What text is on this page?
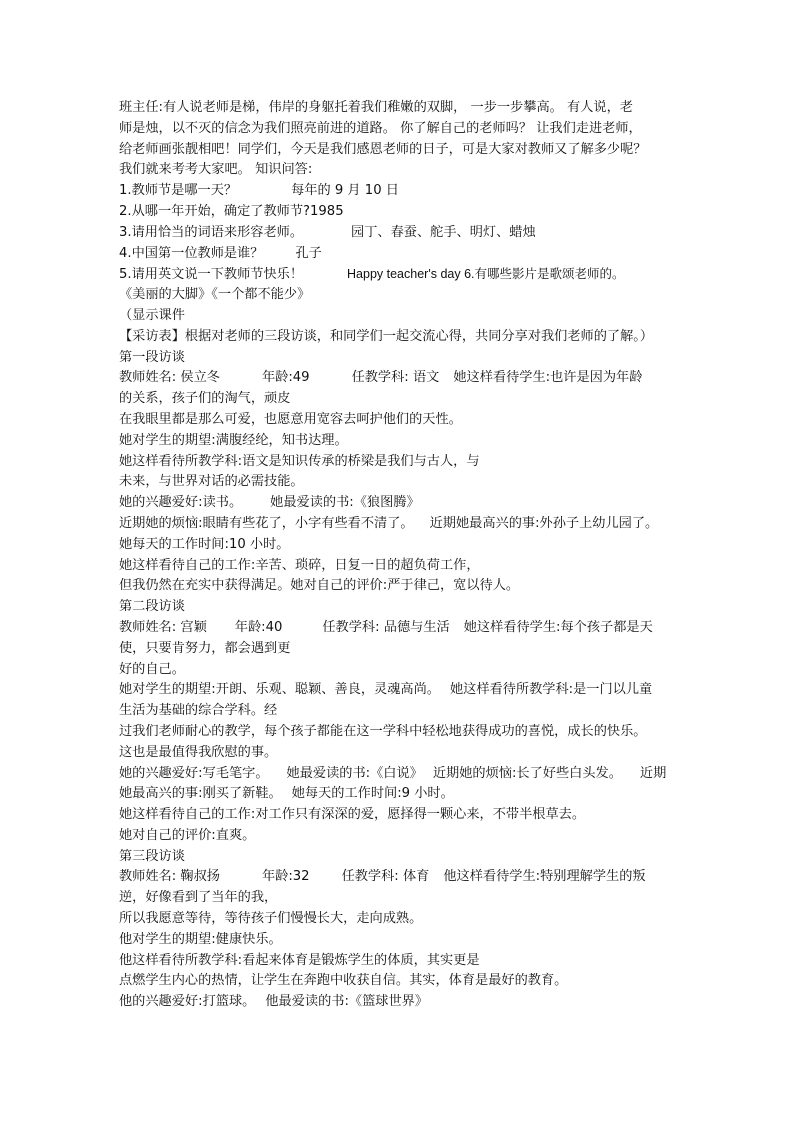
班主任:有人说老师是梯，伟岸的身躯托着我们稚嫩的双脚， 一步一步攀高。 有人说，老
师是烛，以不灭的信念为我们照亮前进的道路。 你了解自己的老师吗？ 让我们走进老师，
给老师画张靓相吧！同学们，今天是我们感恩老师的日子，可是大家对教师又了解多少呢？
我们就来考考大家吧。 知识问答:
1.教师节是哪一天？	每年的 9 月 10 日
2.从哪一年开始，确定了教师节?1985
3.请用恰当的词语来形容老师。	园丁、春蚕、舵手、明灯、蜡烛
4.中国第一位教师是谁？ 孔子
5.请用英文说一下教师节快乐！	Happy teacher's day 6.有哪些影片是歌颂老师的。
《美丽的大脚》《一个都不能少》
（显示课件
【采访表】根据对老师的三段访谈，和同学们一起交流心得，共同分享对我们老师的了解。）
第一段访谈
教师姓名: 侯立冬	年龄:49	任教学科: 语文 她这样看待学生:也许是因为年龄
的关系，孩子们的淘气，顽皮
在我眼里都是那么可爱，也愿意用宽容去呵护他们的天性。
她对学生的期望:满腹经纶，知书达理。
她这样看待所教学科:语文是知识传承的桥梁是我们与古人，与
未来，与世界对话的必需技能。
她的兴趣爱好:读书。 她最爱读的书:《狼图腾》
近期她的烦恼:眼睛有些花了，小字有些看不清了。 近期她最高兴的事:外孙子上幼儿园了。
她每天的工作时间:10 小时。
她这样看待自己的工作:辛苦、琐碎，日复一日的超负荷工作，
但我仍然在充实中获得满足。她对自己的评价:严于律己，宽以待人。
第二段访谈
教师姓名: 宫颖 年龄:40	任教学科: 品德与生活 她这样看待学生:每个孩子都是天
使，只要肯努力，都会遇到更
好的自己。
她对学生的期望:开朗、乐观、聪颖、善良，灵魂高尚。 她这样看待所教学科:是一门以儿童
生活为基础的综合学科。经
过我们老师耐心的教学，每个孩子都能在这一学科中轻松地获得成功的喜悦，成长的快乐。
这也是最值得我欣慰的事。
她的兴趣爱好:写毛笔字。 她最爱读的书:《白说》 近期她的烦恼:长了好些白头发。 近期
她最高兴的事:刚买了新鞋。 她每天的工作时间:9 小时。
她这样看待自己的工作:对工作只有深深的爱，愿择得一颗心来，不带半根草去。
她对自己的评价:直爽。
第三段访谈
教师姓名: 鞠叔扬	年龄:32 任教学科: 体育 他这样看待学生:特别理解学生的叛
逆，好像看到了当年的我，
所以我愿意等待，等待孩子们慢慢长大，走向成熟。
他对学生的期望:健康快乐。
他这样看待所教学科:看起来体育是锻炼学生的体质，其实更是
点燃学生内心的热情，让学生在奔跑中收获自信。其实，体育是最好的教育。
他的兴趣爱好:打篮球。 他最爱读的书:《篮球世界》
